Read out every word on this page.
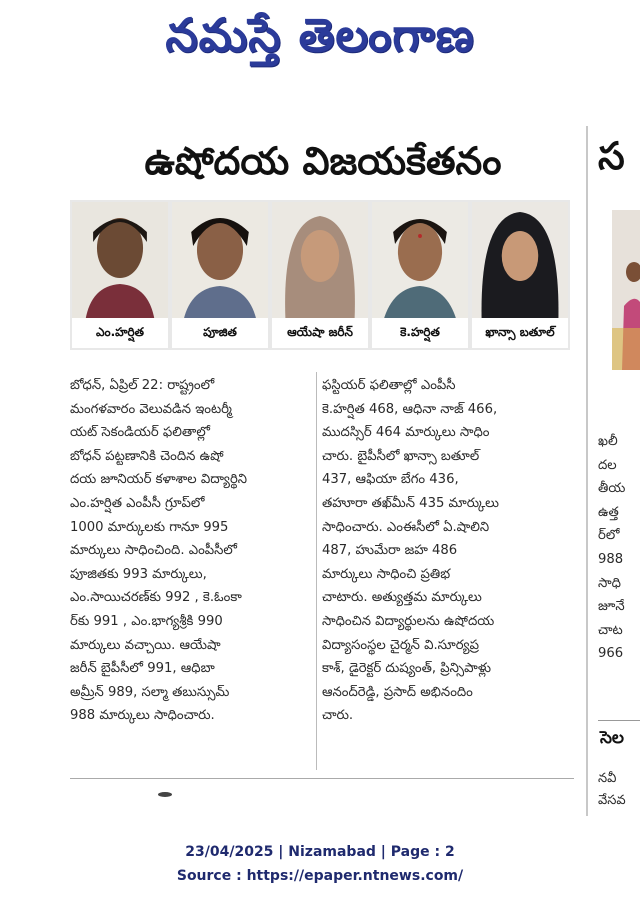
నమస్తే తెలంగాణ
ఉషోదయ విజయకేతనం
ఎం.హర్షిత	పూజిత	ఆయేషా జరీన్	కె.హర్షిత	ఖాన్సా బతూల్
బోధన్, ఏప్రిల్ 22: రాష్ట్రంలో
మంగళవారం వెలువడిన ఇంటర్మీ
యట్ సెకండియర్ ఫలితాల్లో
బోధన్ పట్టణానికి చెందిన ఉషో
దయ జూనియర్ కళాశాల విద్యార్థిని
ఎం.హర్షిత ఎంపీసీ గ్రూప్‌లో
1000 మార్కులకు గానూ 995
మార్కులు సాధించింది. ఎంపీసీలో
పూజితకు 993 మార్కులు,
ఎం.సాయిచరణ్‌కు 992 , కె.ఓంకా
ర్‌కు 991 , ఎం.భాగ్యశ్రీకి 990
మార్కులు వచ్చాయి. ఆయేషా
జరీన్ బైపీసీలో 991, ఆధిబా
అమ్రీన్ 989, సల్మా తబుస్సుమ్
988 మార్కులు సాధించారు.
ఫస్టియర్ ఫలితాల్లో ఎంపీసీ
కె.హర్షిత 468, ఆధినా నాజ్ 466,
ముదస్సిర్ 464 మార్కులు సాధిం
చారు. బైపీసీలో ఖాన్సా బతూల్
437, ఆఫియా బేగం 436,
తహూరా తఖ్‌మీన్ 435 మార్కులు
సాధించారు. ఎంఈసీలో ఏ.షాలిని
487, హుమేరా జహ 486
మార్కులు సాధించి ప్రతిభ
చాటారు. అత్యుత్తమ మార్కులు
సాధించిన విద్యార్థులను ఉషోదయ
విద్యాసంస్థల చైర్మన్ వి.సూర్యప్ర
కాశ్, డైరెక్టర్ దుష్యంత్, ప్రిన్సిపాళ్లు
ఆనంద్‌రెడ్డి, ప్రసాద్ అభినందిం
చారు.
స
ఖలీ
దల
తీయ
ఉత్త
ర్‌లో
988
సాధి
జూనే
చాట
966
సెల
నవీ
వేసవ
23/04/2025 | Nizamabad | Page : 2
Source : https://epaper.ntnews.com/
